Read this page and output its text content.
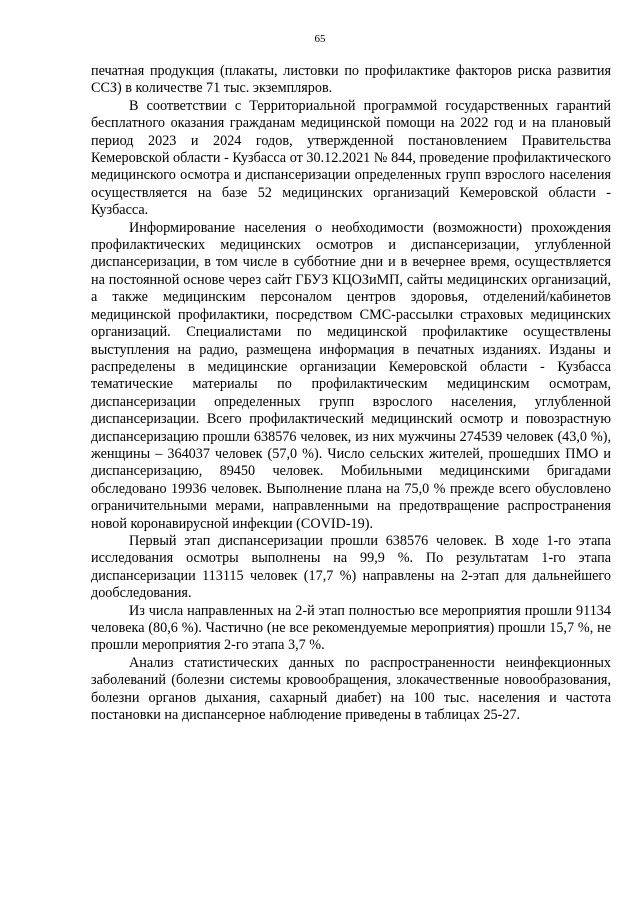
65

печатная продукция (плакаты, листовки по профилактике факторов риска развития ССЗ) в количестве 71 тыс. экземпляров.

В соответствии с Территориальной программой государственных гарантий бесплатного оказания гражданам медицинской помощи на 2022 год и на плановый период 2023 и 2024 годов, утвержденной постановлением Правительства Кемеровской области - Кузбасса от 30.12.2021 № 844, проведение профилактического медицинского осмотра и диспансеризации определенных групп взрослого населения осуществляется на базе 52 медицинских организаций Кемеровской области - Кузбасса.

Информирование населения о необходимости (возможности) прохождения профилактических медицинских осмотров и диспансеризации, углубленной диспансеризации, в том числе в субботние дни и в вечернее время, осуществляется на постоянной основе через сайт ГБУЗ КЦОЗиМП, сайты медицинских организаций, а также медицинским персоналом центров здоровья, отделений/кабинетов медицинской профилактики, посредством СМС-рассылки страховых медицинских организаций. Специалистами по медицинской профилактике осуществлены выступления на радио, размещена информация в печатных изданиях. Изданы и распределены в медицинские организации Кемеровской области - Кузбасса тематические материалы по профилактическим медицинским осмотрам, диспансеризации определенных групп взрослого населения, углубленной диспансеризации. Всего профилактический медицинский осмотр и повозрастную диспансеризацию прошли 638576 человек, из них мужчины 274539 человек (43,0 %), женщины – 364037 человек (57,0 %). Число сельских жителей, прошедших ПМО и диспансеризацию, 89450 человек. Мобильными медицинскими бригадами обследовано 19936 человек. Выполнение плана на 75,0 % прежде всего обусловлено ограничительными мерами, направленными на предотвращение распространения новой коронавирусной инфекции (COVID-19).

Первый этап диспансеризации прошли 638576 человек. В ходе 1-го этапа исследования осмотры выполнены на 99,9 %. По результатам 1-го этапа диспансеризации 113115 человек (17,7 %) направлены на 2-этап для дальнейшего дообследования.

Из числа направленных на 2-й этап полностью все мероприятия прошли 91134 человека (80,6 %). Частично (не все рекомендуемые мероприятия) прошли 15,7 %, не прошли мероприятия 2-го этапа 3,7 %.

Анализ статистических данных по распространенности неинфекционных заболеваний (болезни системы кровообращения, злокачественные новообразования, болезни органов дыхания, сахарный диабет) на 100 тыс. населения и частота постановки на диспансерное наблюдение приведены в таблицах 25-27.
